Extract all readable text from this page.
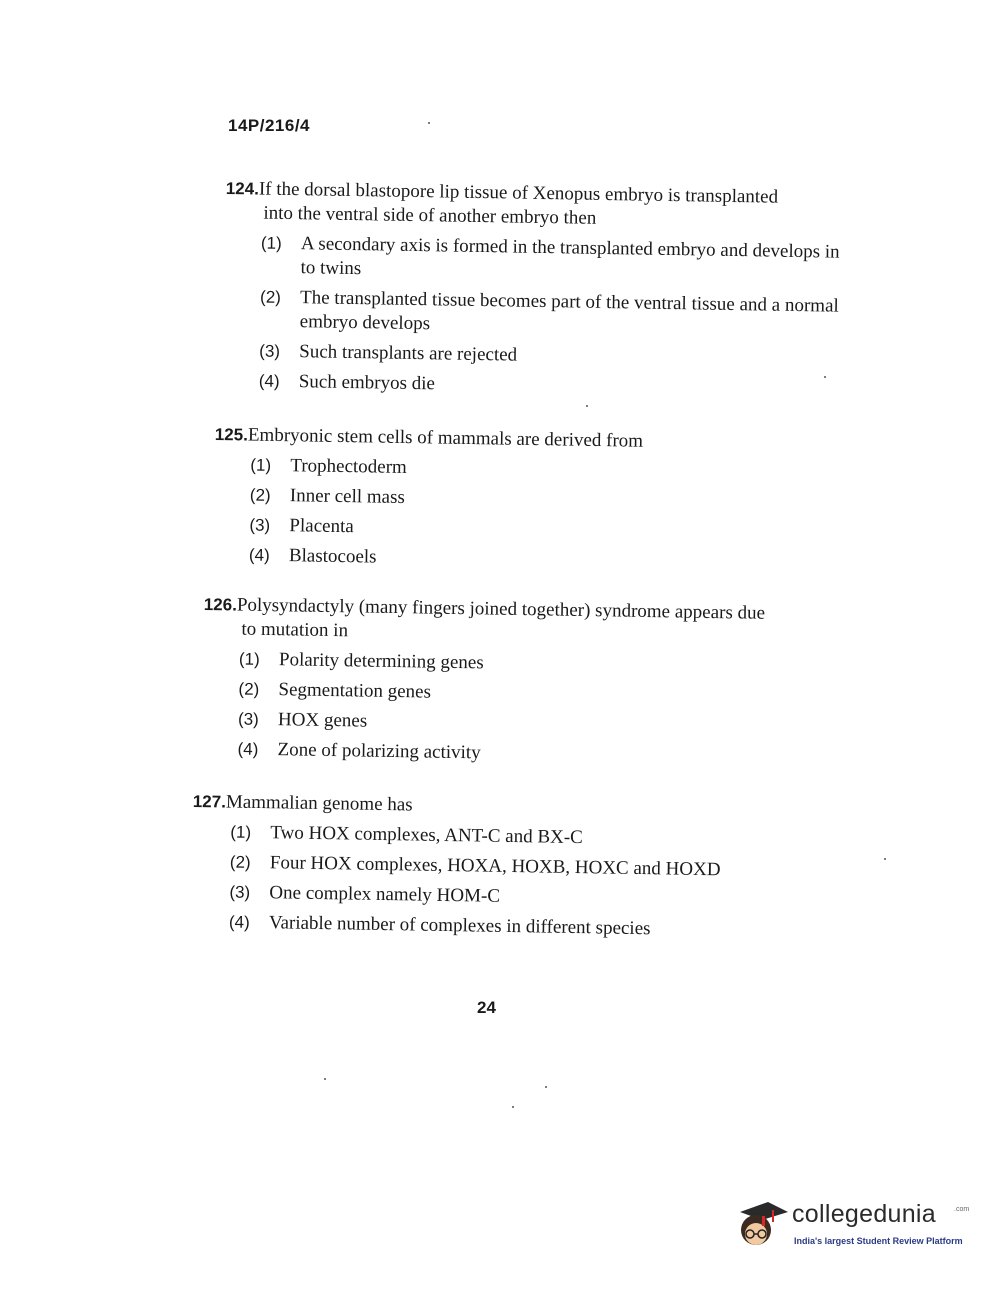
14P/216/4
124.If the dorsal blastopore lip tissue of Xenopus embryo is transplanted
into the ventral side of another embryo then
(1) A secondary axis is formed in the transplanted embryo and develops in to twins
(2) The transplanted tissue becomes part of the ventral tissue and a normal embryo develops
(3) Such transplants are rejected
(4) Such embryos die
125.Embryonic stem cells of mammals are derived from
(1) Trophectoderm
(2) Inner cell mass
(3) Placenta
(4) Blastocoels
126.Polysyndactyly (many fingers joined together) syndrome appears due
to mutation in
(1) Polarity determining genes
(2) Segmentation genes
(3) HOX genes
(4) Zone of polarizing activity
127.Mammalian genome has
(1) Two HOX complexes, ANT-C and BX-C
(2) Four HOX complexes, HOXA, HOXB, HOXC and HOXD
(3) One complex namely HOM-C
(4) Variable number of complexes in different species
24
collegedunia	.com
India's largest Student Review Platform
